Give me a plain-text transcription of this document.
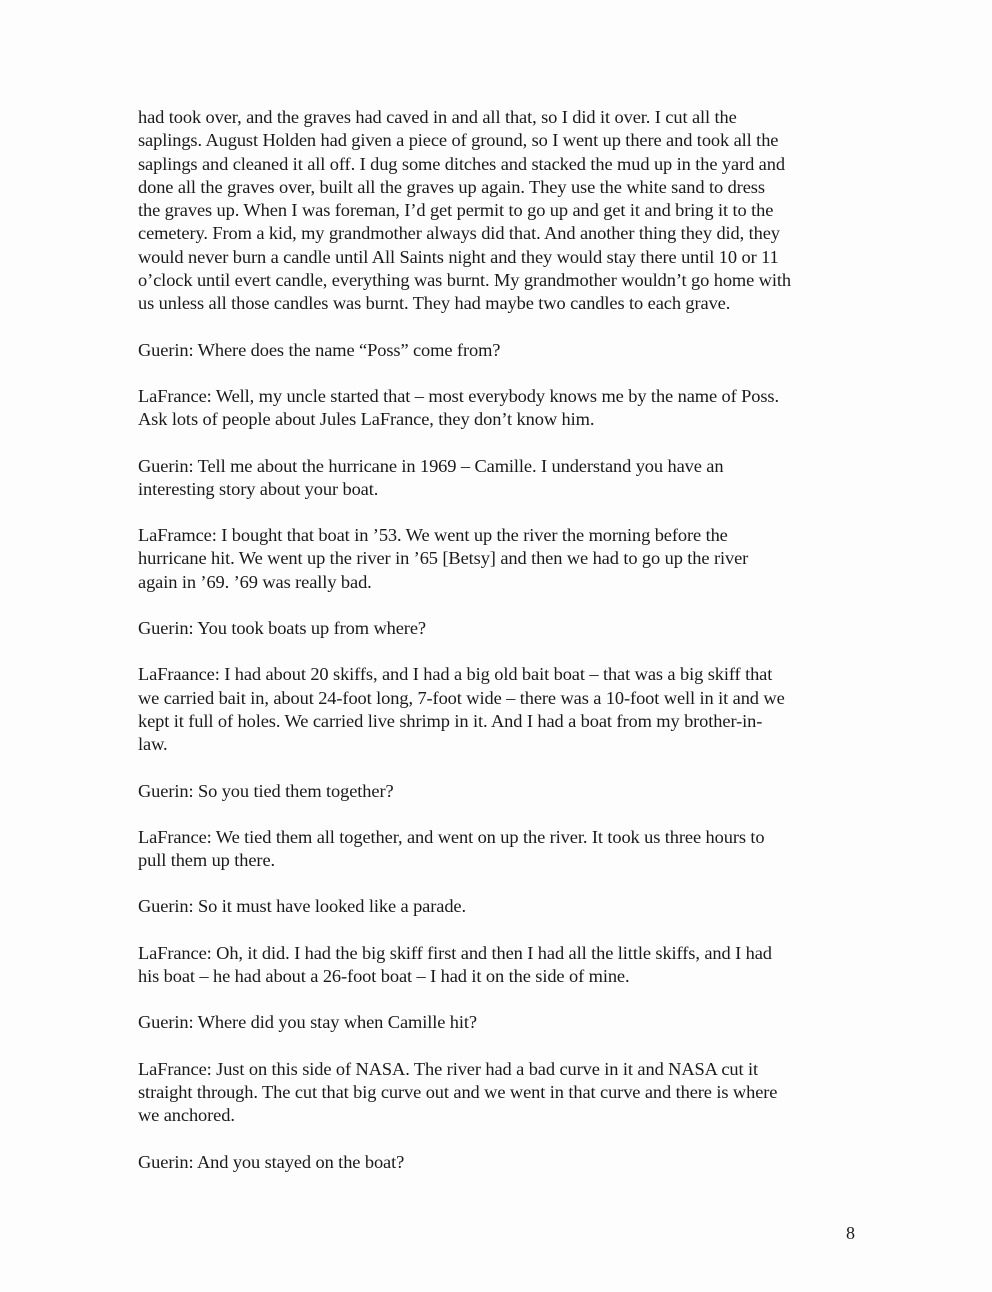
had took over, and the graves had caved in and all that, so I did it over. I cut all the
saplings. August Holden had given a piece of ground, so I went up there and took all the
saplings and cleaned it all off. I dug some ditches and stacked the mud up in the yard and
done all the graves over, built all the graves up again. They use the white sand to dress
the graves up. When I was foreman, I’d get permit to go up and get it and bring it to the
cemetery. From a kid, my grandmother always did that. And another thing they did, they
would never burn a candle until All Saints night and they would stay there until 10 or 11
o’clock until evert candle, everything was burnt. My grandmother wouldn’t go home with
us unless all those candles was burnt. They had maybe two candles to each grave.

Guerin: Where does the name “Poss” come from?

LaFrance: Well, my uncle started that – most everybody knows me by the name of Poss.
Ask lots of people about Jules LaFrance, they don’t know him.

Guerin: Tell me about the hurricane in 1969 – Camille. I understand you have an
interesting story about your boat.

LaFramce: I bought that boat in ’53. We went up the river the morning before the
hurricane hit. We went up the river in ’65 [Betsy] and then we had to go up the river
again in ’69. ’69 was really bad.

Guerin: You took boats up from where?

LaFraance: I had about 20 skiffs, and I had a big old bait boat – that was a big skiff that
we carried bait in, about 24-foot long, 7-foot wide – there was a 10-foot well in it and we
kept it full of holes. We carried live shrimp in it. And I had a boat from my brother-in-
law.

Guerin: So you tied them together?

LaFrance: We tied them all together, and went on up the river. It took us three hours to
pull them up there.

Guerin: So it must have looked like a parade.

LaFrance: Oh, it did. I had the big skiff first and then I had all the little skiffs, and I had
his boat – he had about a 26-foot boat – I had it on the side of mine.

Guerin: Where did you stay when Camille hit?

LaFrance: Just on this side of NASA. The river had a bad curve in it and NASA cut it
straight through. The cut that big curve out and we went in that curve and there is where
we anchored.

Guerin: And you stayed on the boat?

8
